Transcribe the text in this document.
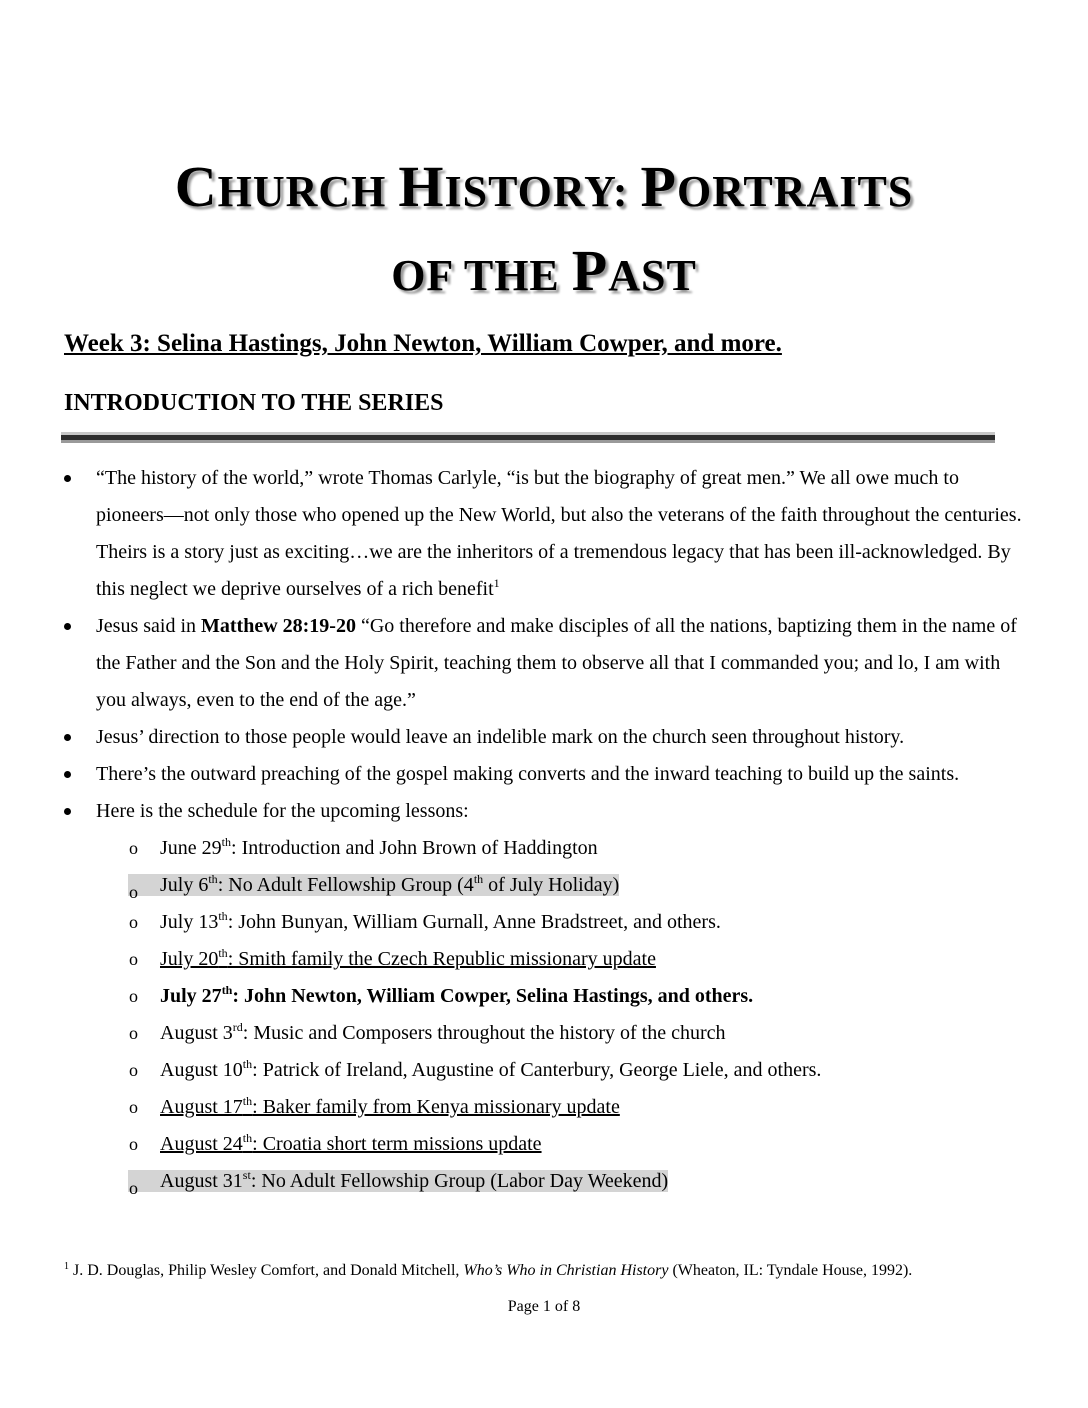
CHURCH HISTORY: PORTRAITS
OF THE PAST
Week 3: Selina Hastings, John Newton, William Cowper, and more.
INTRODUCTION TO THE SERIES
“The history of the world,” wrote Thomas Carlyle, “is but the biography of great men.” We all owe much to pioneers—not only those who opened up the New World, but also the veterans of the faith throughout the centuries. Theirs is a story just as exciting…we are the inheritors of a tremendous legacy that has been ill-acknowledged. By this neglect we deprive ourselves of a rich benefit$^1$
Jesus said in Matthew 28:19-20 “Go therefore and make disciples of all the nations, baptizing them in the name of the Father and the Son and the Holy Spirit, teaching them to observe all that I commanded you; and lo, I am with you always, even to the end of the age.”
Jesus’ direction to those people would leave an indelible mark on the church seen throughout history.
There’s the outward preaching of the gospel making converts and the inward teaching to build up the saints.
Here is the schedule for the upcoming lessons:
o June 29th: Introduction and John Brown of Haddington
o July 6th: No Adult Fellowship Group (4th of July Holiday)
o July 13th: John Bunyan, William Gurnall, Anne Bradstreet, and others.
o July 20th: Smith family the Czech Republic missionary update
o July 27th: John Newton, William Cowper, Selina Hastings, and others.
o August 3rd: Music and Composers throughout the history of the church
o August 10th: Patrick of Ireland, Augustine of Canterbury, George Liele, and others.
o August 17th: Baker family from Kenya missionary update
o August 24th: Croatia short term missions update
o August 31st: No Adult Fellowship Group (Labor Day Weekend)

$^1$ J. D. Douglas, Philip Wesley Comfort, and Donald Mitchell, Who’s Who in Christian History (Wheaton, IL: Tyndale House, 1992).

Page 1 of 8
